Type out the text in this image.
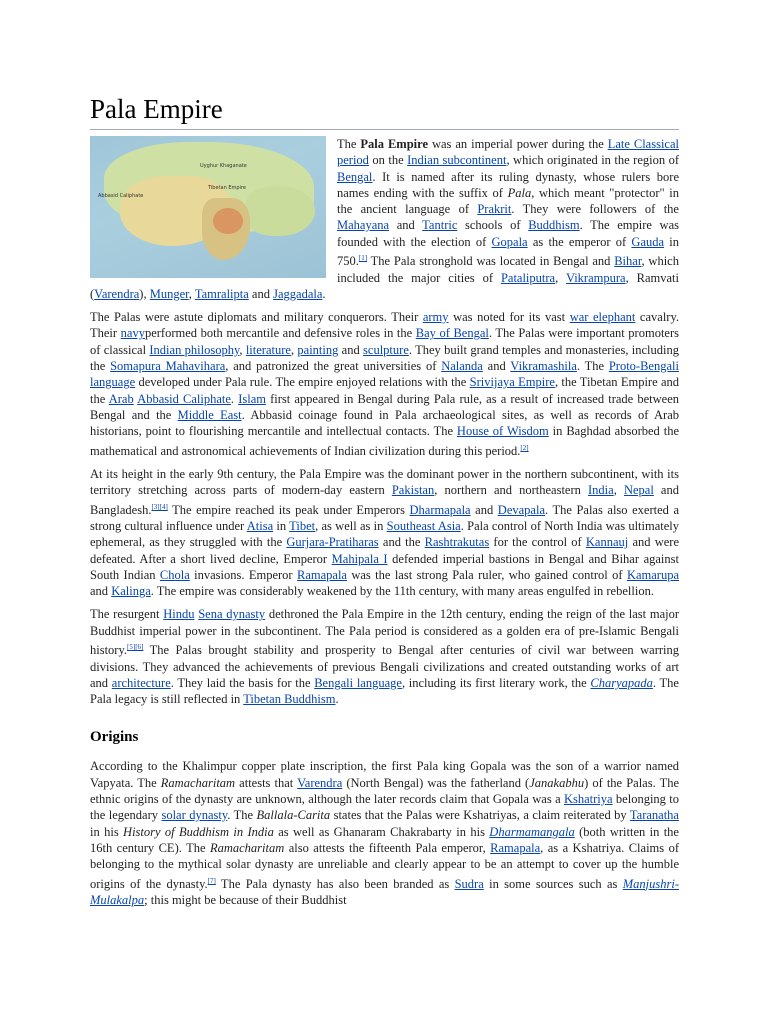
Pala Empire

Uyghur Khaganate
Abbasid Caliphate
Tibetan Empire
The Pala Empire was an imperial power during the Late Classical period on the Indian subcontinent, which originated in the region of Bengal. It is named after its ruling dynasty, whose rulers bore names ending with the suffix of Pala, which meant "protector" in the ancient language of Prakrit. They were followers of the Mahayana and Tantric schools of Buddhism. The empire was founded with the election of Gopala as the emperor of Gauda in 750.[1] The Pala stronghold was located in Bengal and Bihar, which included the major cities of Pataliputra, Vikrampura, Ramvati (Varendra), Munger, Tamralipta and Jaggadala.

The Palas were astute diplomats and military conquerors. Their army was noted for its vast war elephant cavalry. Their navyperformed both mercantile and defensive roles in the Bay of Bengal. The Palas were important promoters of classical Indian philosophy, literature, painting and sculpture. They built grand temples and monasteries, including the Somapura Mahavihara, and patronized the great universities of Nalanda and Vikramashila. The Proto-Bengali language developed under Pala rule. The empire enjoyed relations with the Srivijaya Empire, the Tibetan Empire and the Arab Abbasid Caliphate. Islam first appeared in Bengal during Pala rule, as a result of increased trade between Bengal and the Middle East. Abbasid coinage found in Pala archaeological sites, as well as records of Arab historians, point to flourishing mercantile and intellectual contacts. The House of Wisdom in Baghdad absorbed the mathematical and astronomical achievements of Indian civilization during this period.[2]

At its height in the early 9th century, the Pala Empire was the dominant power in the northern subcontinent, with its territory stretching across parts of modern-day eastern Pakistan, northern and northeastern India, Nepal and Bangladesh.[3][4] The empire reached its peak under Emperors Dharmapala and Devapala. The Palas also exerted a strong cultural influence under Atisa in Tibet, as well as in Southeast Asia. Pala control of North India was ultimately ephemeral, as they struggled with the Gurjara-Pratiharas and the Rashtrakutas for the control of Kannauj and were defeated. After a short lived decline, Emperor Mahipala I defended imperial bastions in Bengal and Bihar against South Indian Chola invasions. Emperor Ramapala was the last strong Pala ruler, who gained control of Kamarupa and Kalinga. The empire was considerably weakened by the 11th century, with many areas engulfed in rebellion.

The resurgent Hindu Sena dynasty dethroned the Pala Empire in the 12th century, ending the reign of the last major Buddhist imperial power in the subcontinent. The Pala period is considered as a golden era of pre-Islamic Bengali history.[5][6] The Palas brought stability and prosperity to Bengal after centuries of civil war between warring divisions. They advanced the achievements of previous Bengali civilizations and created outstanding works of art and architecture. They laid the basis for the Bengali language, including its first literary work, the Charyapada. The Pala legacy is still reflected in Tibetan Buddhism.

Origins

According to the Khalimpur copper plate inscription, the first Pala king Gopala was the son of a warrior named Vapyata. The Ramacharitam attests that Varendra (North Bengal) was the fatherland (Janakabhu) of the Palas. The ethnic origins of the dynasty are unknown, although the later records claim that Gopala was a Kshatriya belonging to the legendary solar dynasty. The Ballala-Carita states that the Palas were Kshatriyas, a claim reiterated by Taranatha in his History of Buddhism in India as well as Ghanaram Chakrabarty in his Dharmamangala (both written in the 16th century CE). The Ramacharitam also attests the fifteenth Pala emperor, Ramapala, as a Kshatriya. Claims of belonging to the mythical solar dynasty are unreliable and clearly appear to be an attempt to cover up the humble origins of the dynasty.[7] The Pala dynasty has also been branded as Sudra in some sources such as Manjushri-Mulakalpa; this might be because of their Buddhist
